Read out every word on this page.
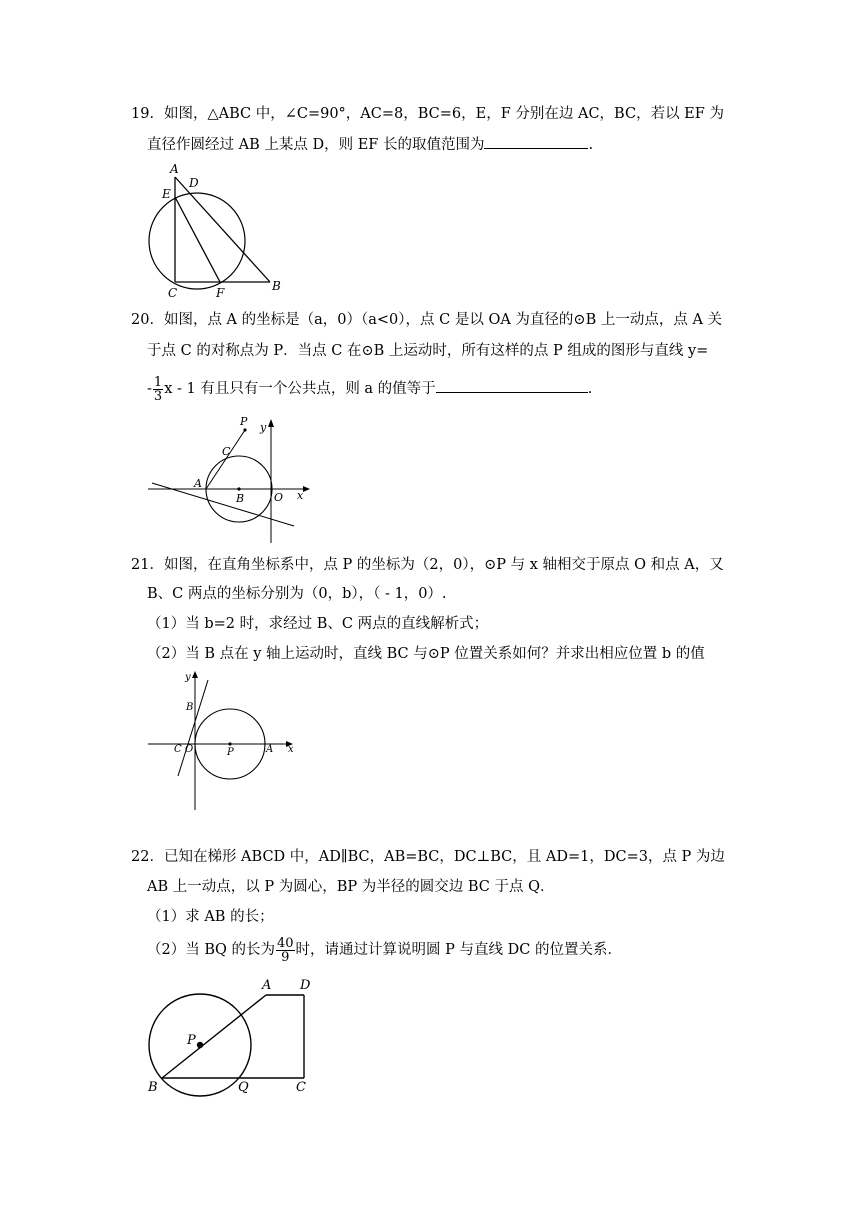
19．如图，△ABC 中，∠C=90°，AC=8，BC=6，E，F 分别在边 AC，BC，若以 EF 为
直径作圆经过 AB 上某点 D，则 EF 长的取值范围为	.
A
D
E
C	F	B
20．如图，点 A 的坐标是（a，0）（a<0），点 C 是以 OA 为直径的⊙B 上一动点，点 A 关
于点 C 的对称点为 P．当点 C 在⊙B 上运动时，所有这样的点 P 组成的图形与直线 y=
- $\frac{1}{3}$ x - 1 有且只有一个公共点，则 a 的值等于	.
P y
C
A
B	O x
21．如图，在直角坐标系中，点 P 的坐标为（2，0），⊙P 与 x 轴相交于原点 O 和点 A，又
B、C 两点的坐标分别为（0，b），（ - 1，0）.
（1）当 b=2 时，求经过 B、C 两点的直线解析式；
（2）当 B 点在 y 轴上运动时，直线 BC 与⊙P 位置关系如何？并求出相应位置 b 的值
y
B
C O	P	A x
22．已知在梯形 ABCD 中，AD∥BC，AB=BC，DC⊥BC，且 AD=1，DC=3，点 P 为边
AB 上一动点，以 P 为圆心，BP 为半径的圆交边 BC 于点 Q．
（1）求 AB 的长；
（2）当 BQ 的长为 $\frac{40}{9}$ 时，请通过计算说明圆 P 与直线 DC 的位置关系．
A D
P
B	Q	C
